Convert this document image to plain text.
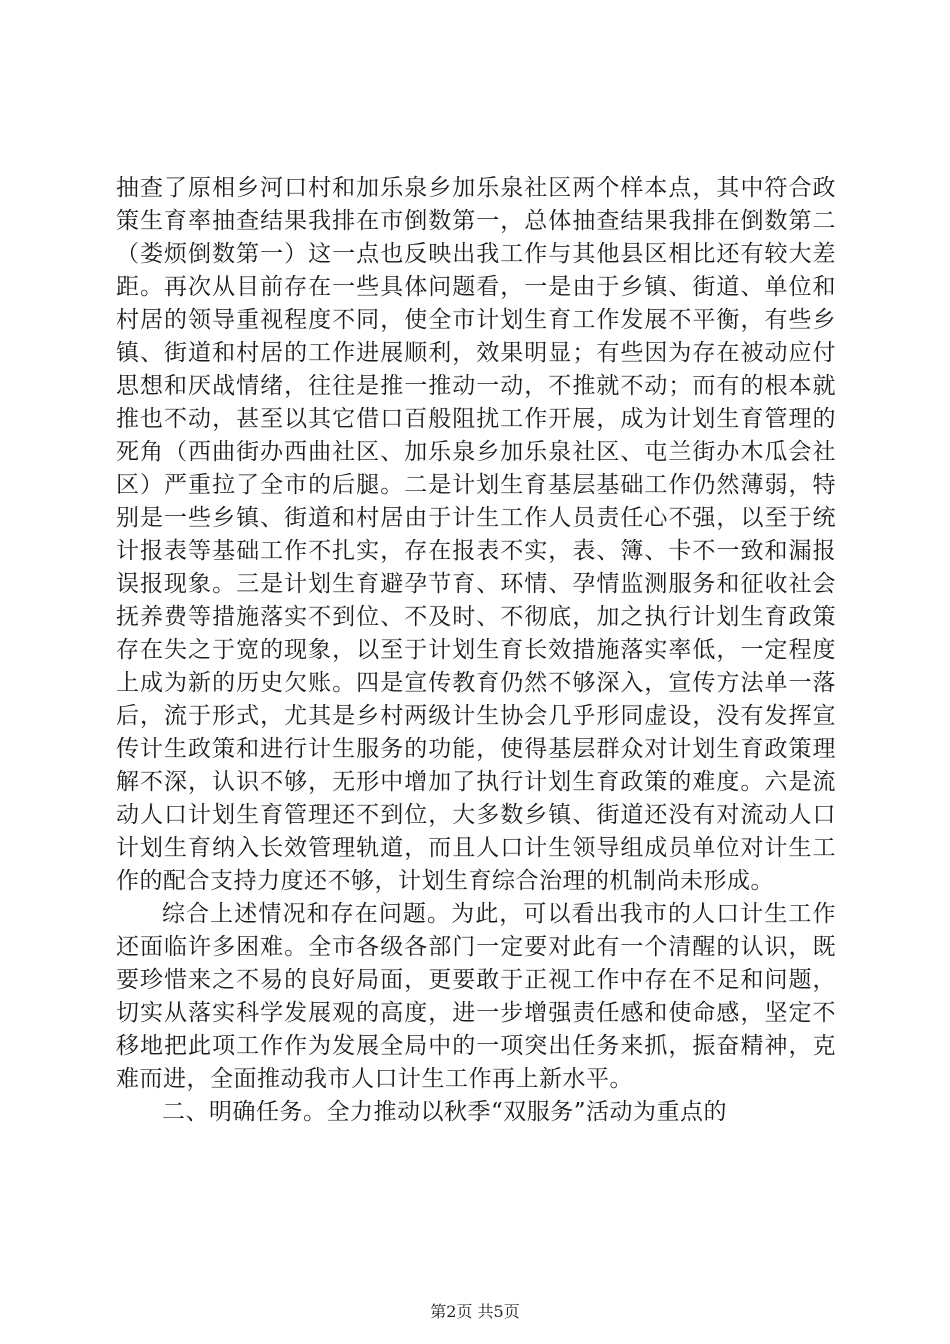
抽查了原相乡河口村和加乐泉乡加乐泉社区两个样本点，其中符合政策生育率抽查结果我排在市倒数第一，总体抽查结果我排在倒数第二（娄烦倒数第一）这一点也反映出我工作与其他县区相比还有较大差距。再次从目前存在一些具体问题看，一是由于乡镇、街道、单位和村居的领导重视程度不同，使全市计划生育工作发展不平衡，有些乡镇、街道和村居的工作进展顺利，效果明显；有些因为存在被动应付思想和厌战情绪，往往是推一推动一动，不推就不动；而有的根本就推也不动，甚至以其它借口百般阻扰工作开展，成为计划生育管理的死角（西曲街办西曲社区、加乐泉乡加乐泉社区、屯兰街办木瓜会社区）严重拉了全市的后腿。二是计划生育基层基础工作仍然薄弱，特别是一些乡镇、街道和村居由于计生工作人员责任心不强，以至于统计报表等基础工作不扎实，存在报表不实，表、簿、卡不一致和漏报误报现象。三是计划生育避孕节育、环情、孕情监测服务和征收社会抚养费等措施落实不到位、不及时、不彻底，加之执行计划生育政策存在失之于宽的现象，以至于计划生育长效措施落实率低，一定程度上成为新的历史欠账。四是宣传教育仍然不够深入，宣传方法单一落后，流于形式，尤其是乡村两级计生协会几乎形同虚设，没有发挥宣传计生政策和进行计生服务的功能，使得基层群众对计划生育政策理解不深，认识不够，无形中增加了执行计划生育政策的难度。六是流动人口计划生育管理还不到位，大多数乡镇、街道还没有对流动人口计划生育纳入长效管理轨道，而且人口计生领导组成员单位对计生工作的配合支持力度还不够，计划生育综合治理的机制尚未形成。

综合上述情况和存在问题。为此，可以看出我市的人口计生工作还面临许多困难。全市各级各部门一定要对此有一个清醒的认识，既要珍惜来之不易的良好局面，更要敢于正视工作中存在不足和问题，切实从落实科学发展观的高度，进一步增强责任感和使命感，坚定不移地把此项工作作为发展全局中的一项突出任务来抓，振奋精神，克难而进，全面推动我市人口计生工作再上新水平。

二、明确任务。全力推动以秋季“双服务”活动为重点的

第2页 共5页
